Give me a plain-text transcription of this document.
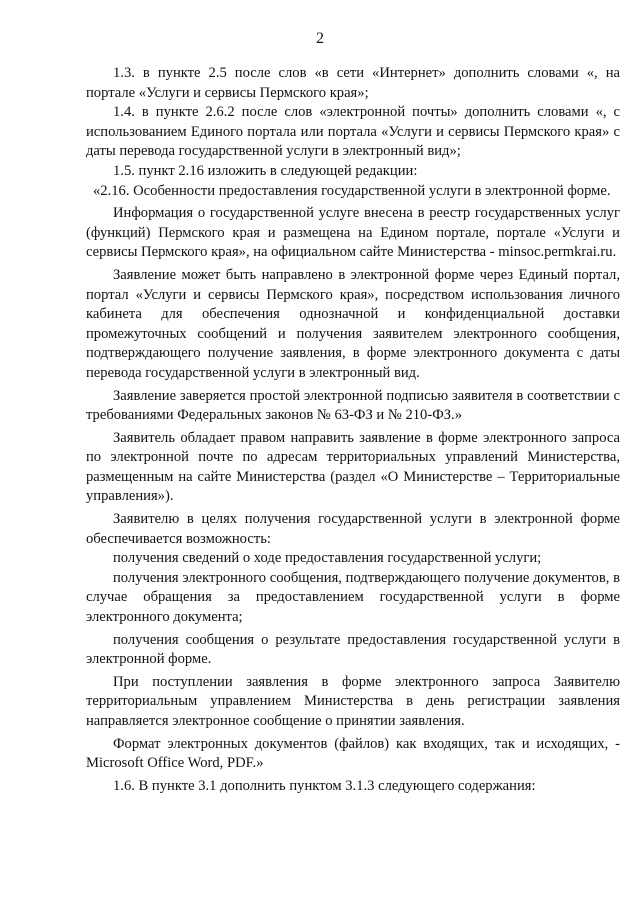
2

1.3. в пункте 2.5 после слов «в сети «Интернет» дополнить словами «, на портале «Услуги и сервисы Пермского края»;

1.4. в пункте 2.6.2 после слов «электронной почты» дополнить словами «, с использованием Единого портала или портала «Услуги и сервисы Пермского края» с даты перевода государственной услуги в электронный вид»;

1.5. пункт 2.16 изложить в следующей редакции:

«2.16. Особенности предоставления государственной услуги в электронной форме.

Информация о государственной услуге внесена в реестр государственных услуг (функций) Пермского края и размещена на Едином портале, портале «Услуги и сервисы Пермского края», на официальном сайте Министерства - minsoc.permkrai.ru.

Заявление может быть направлено в электронной форме через Единый портал, портал «Услуги и сервисы Пермского края», посредством использования личного кабинета для обеспечения однозначной и конфиденциальной доставки промежуточных сообщений и получения заявителем электронного сообщения, подтверждающего получение заявления, в форме электронного документа с даты перевода государственной услуги в электронный вид.

Заявление заверяется простой электронной подписью заявителя в соответствии с требованиями Федеральных законов № 63-ФЗ и № 210-ФЗ.»

Заявитель обладает правом направить заявление в форме электронного запроса по электронной почте по адресам территориальных управлений Министерства, размещенным на сайте Министерства (раздел «О Министерстве – Территориальные управления»).

Заявителю в целях получения государственной услуги в электронной форме обеспечивается возможность:

получения сведений о ходе предоставления государственной услуги;

получения электронного сообщения, подтверждающего получение документов, в случае обращения за предоставлением государственной услуги в форме электронного документа;

получения сообщения о результате предоставления государственной услуги в электронной форме.

При поступлении заявления в форме электронного запроса Заявителю территориальным управлением Министерства в день регистрации заявления направляется электронное сообщение о принятии заявления.

Формат электронных документов (файлов) как входящих, так и исходящих, - Microsoft Office Word, PDF.»

1.6. В пункте 3.1 дополнить пунктом 3.1.3 следующего содержания:
